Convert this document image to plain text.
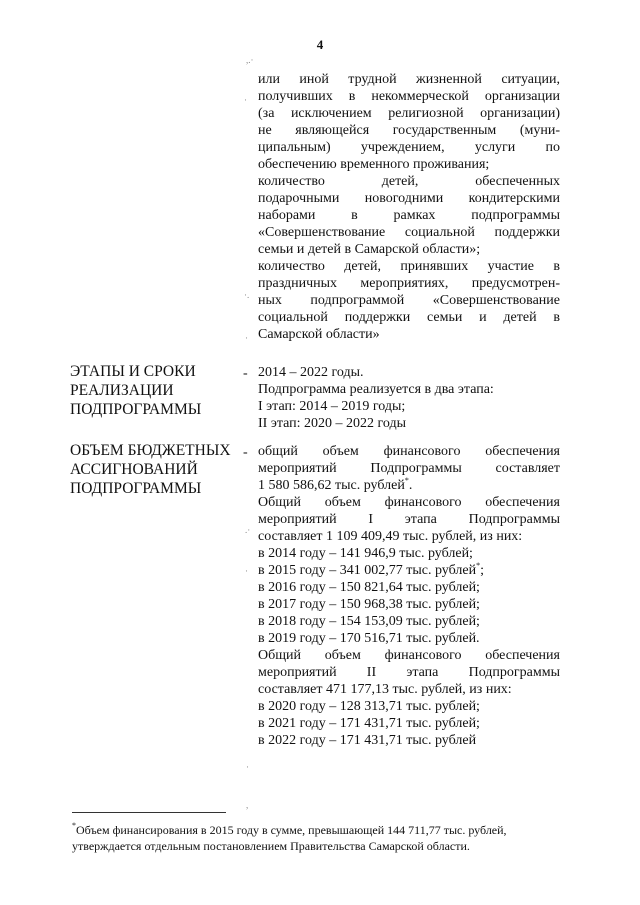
4
,.·
·
·.
·
.·
·
·
,
или иной трудной жизненной ситуации,
получивших в некоммерческой организации
(за исключением религиозной организации)
не являющейся государственным (муни-
ципальным) учреждением, услуги по
обеспечению временного проживания;
количество детей, обеспеченных
подарочными новогодними кондитерскими
наборами в рамках подпрограммы
«Совершенствование социальной поддержки
семьи и детей в Самарской области»;
количество детей, принявших участие в
праздничных мероприятиях, предусмотрен-
ных подпрограммой «Совершенствование
социальной поддержки семьи и детей в
Самарской области»
ЭТАПЫ И СРОКИ
РЕАЛИЗАЦИИ
ПОДПРОГРАММЫ
- 2014 – 2022 годы.
Подпрограмма реализуется в два этапа:
I этап: 2014 – 2019 годы;
II этап: 2020 – 2022 годы
ОБЪЕМ БЮДЖЕТНЫХ
АССИГНОВАНИЙ
ПОДПРОГРАММЫ
- общий объем финансового обеспечения
мероприятий Подпрограммы составляет
1 580 586,62 тыс. рублей*.
Общий объем финансового обеспечения
мероприятий I этапа Подпрограммы
составляет 1 109 409,49 тыс. рублей, из них:
в 2014 году – 141 946,9 тыс. рублей;
в 2015 году – 341 002,77 тыс. рублей*;
в 2016 году – 150 821,64 тыс. рублей;
в 2017 году – 150 968,38 тыс. рублей;
в 2018 году – 154 153,09 тыс. рублей;
в 2019 году – 170 516,71 тыс. рублей.
Общий объем финансового обеспечения
мероприятий II этапа Подпрограммы
составляет 471 177,13 тыс. рублей, из них:
в 2020 году – 128 313,71 тыс. рублей;
в 2021 году – 171 431,71 тыс. рублей;
в 2022 году – 171 431,71 тыс. рублей
*Объем финансирования в 2015 году в сумме, превышающей 144 711,77 тыс. рублей,
утверждается отдельным постановлением Правительства Самарской области.
